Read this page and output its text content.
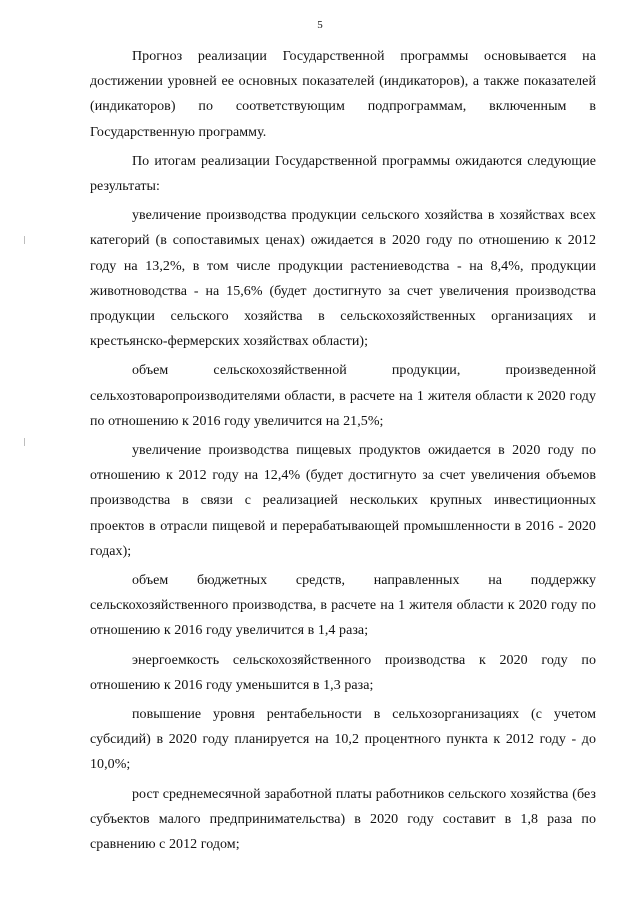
5

Прогноз реализации Государственной программы основывается на достижении уровней ее основных показателей (индикаторов), а также показателей (индикаторов) по соответствующим подпрограммам, включенным в Государственную программу.

По итогам реализации Государственной программы ожидаются следующие результаты:

увеличение производства продукции сельского хозяйства в хозяйствах всех категорий (в сопоставимых ценах) ожидается в 2020 году по отношению к 2012 году на 13,2%, в том числе продукции растениеводства - на 8,4%, продукции животноводства - на 15,6% (будет достигнуто за счет увеличения производства продукции сельского хозяйства в сельскохозяйственных организациях и крестьянско-фермерских хозяйствах области);

объем сельскохозяйственной продукции, произведенной сельхозтоваропроизводителями области, в расчете на 1 жителя области к 2020 году по отношению к 2016 году увеличится на 21,5%;

увеличение производства пищевых продуктов ожидается в 2020 году по отношению к 2012 году на 12,4% (будет достигнуто за счет увеличения объемов производства в связи с реализацией нескольких крупных инвестиционных проектов в отрасли пищевой и перерабатывающей промышленности в 2016 - 2020 годах);

объем бюджетных средств, направленных на поддержку сельскохозяйственного производства, в расчете на 1 жителя области к 2020 году по отношению к 2016 году увеличится в 1,4 раза;

энергоемкость сельскохозяйственного производства к 2020 году по отношению к 2016 году уменьшится в 1,3 раза;

повышение уровня рентабельности в сельхозорганизациях (с учетом субсидий) в 2020 году планируется на 10,2 процентного пункта к 2012 году - до 10,0%;

рост среднемесячной заработной платы работников сельского хозяйства (без субъектов малого предпринимательства) в 2020 году составит в 1,8 раза по сравнению с 2012 годом;
